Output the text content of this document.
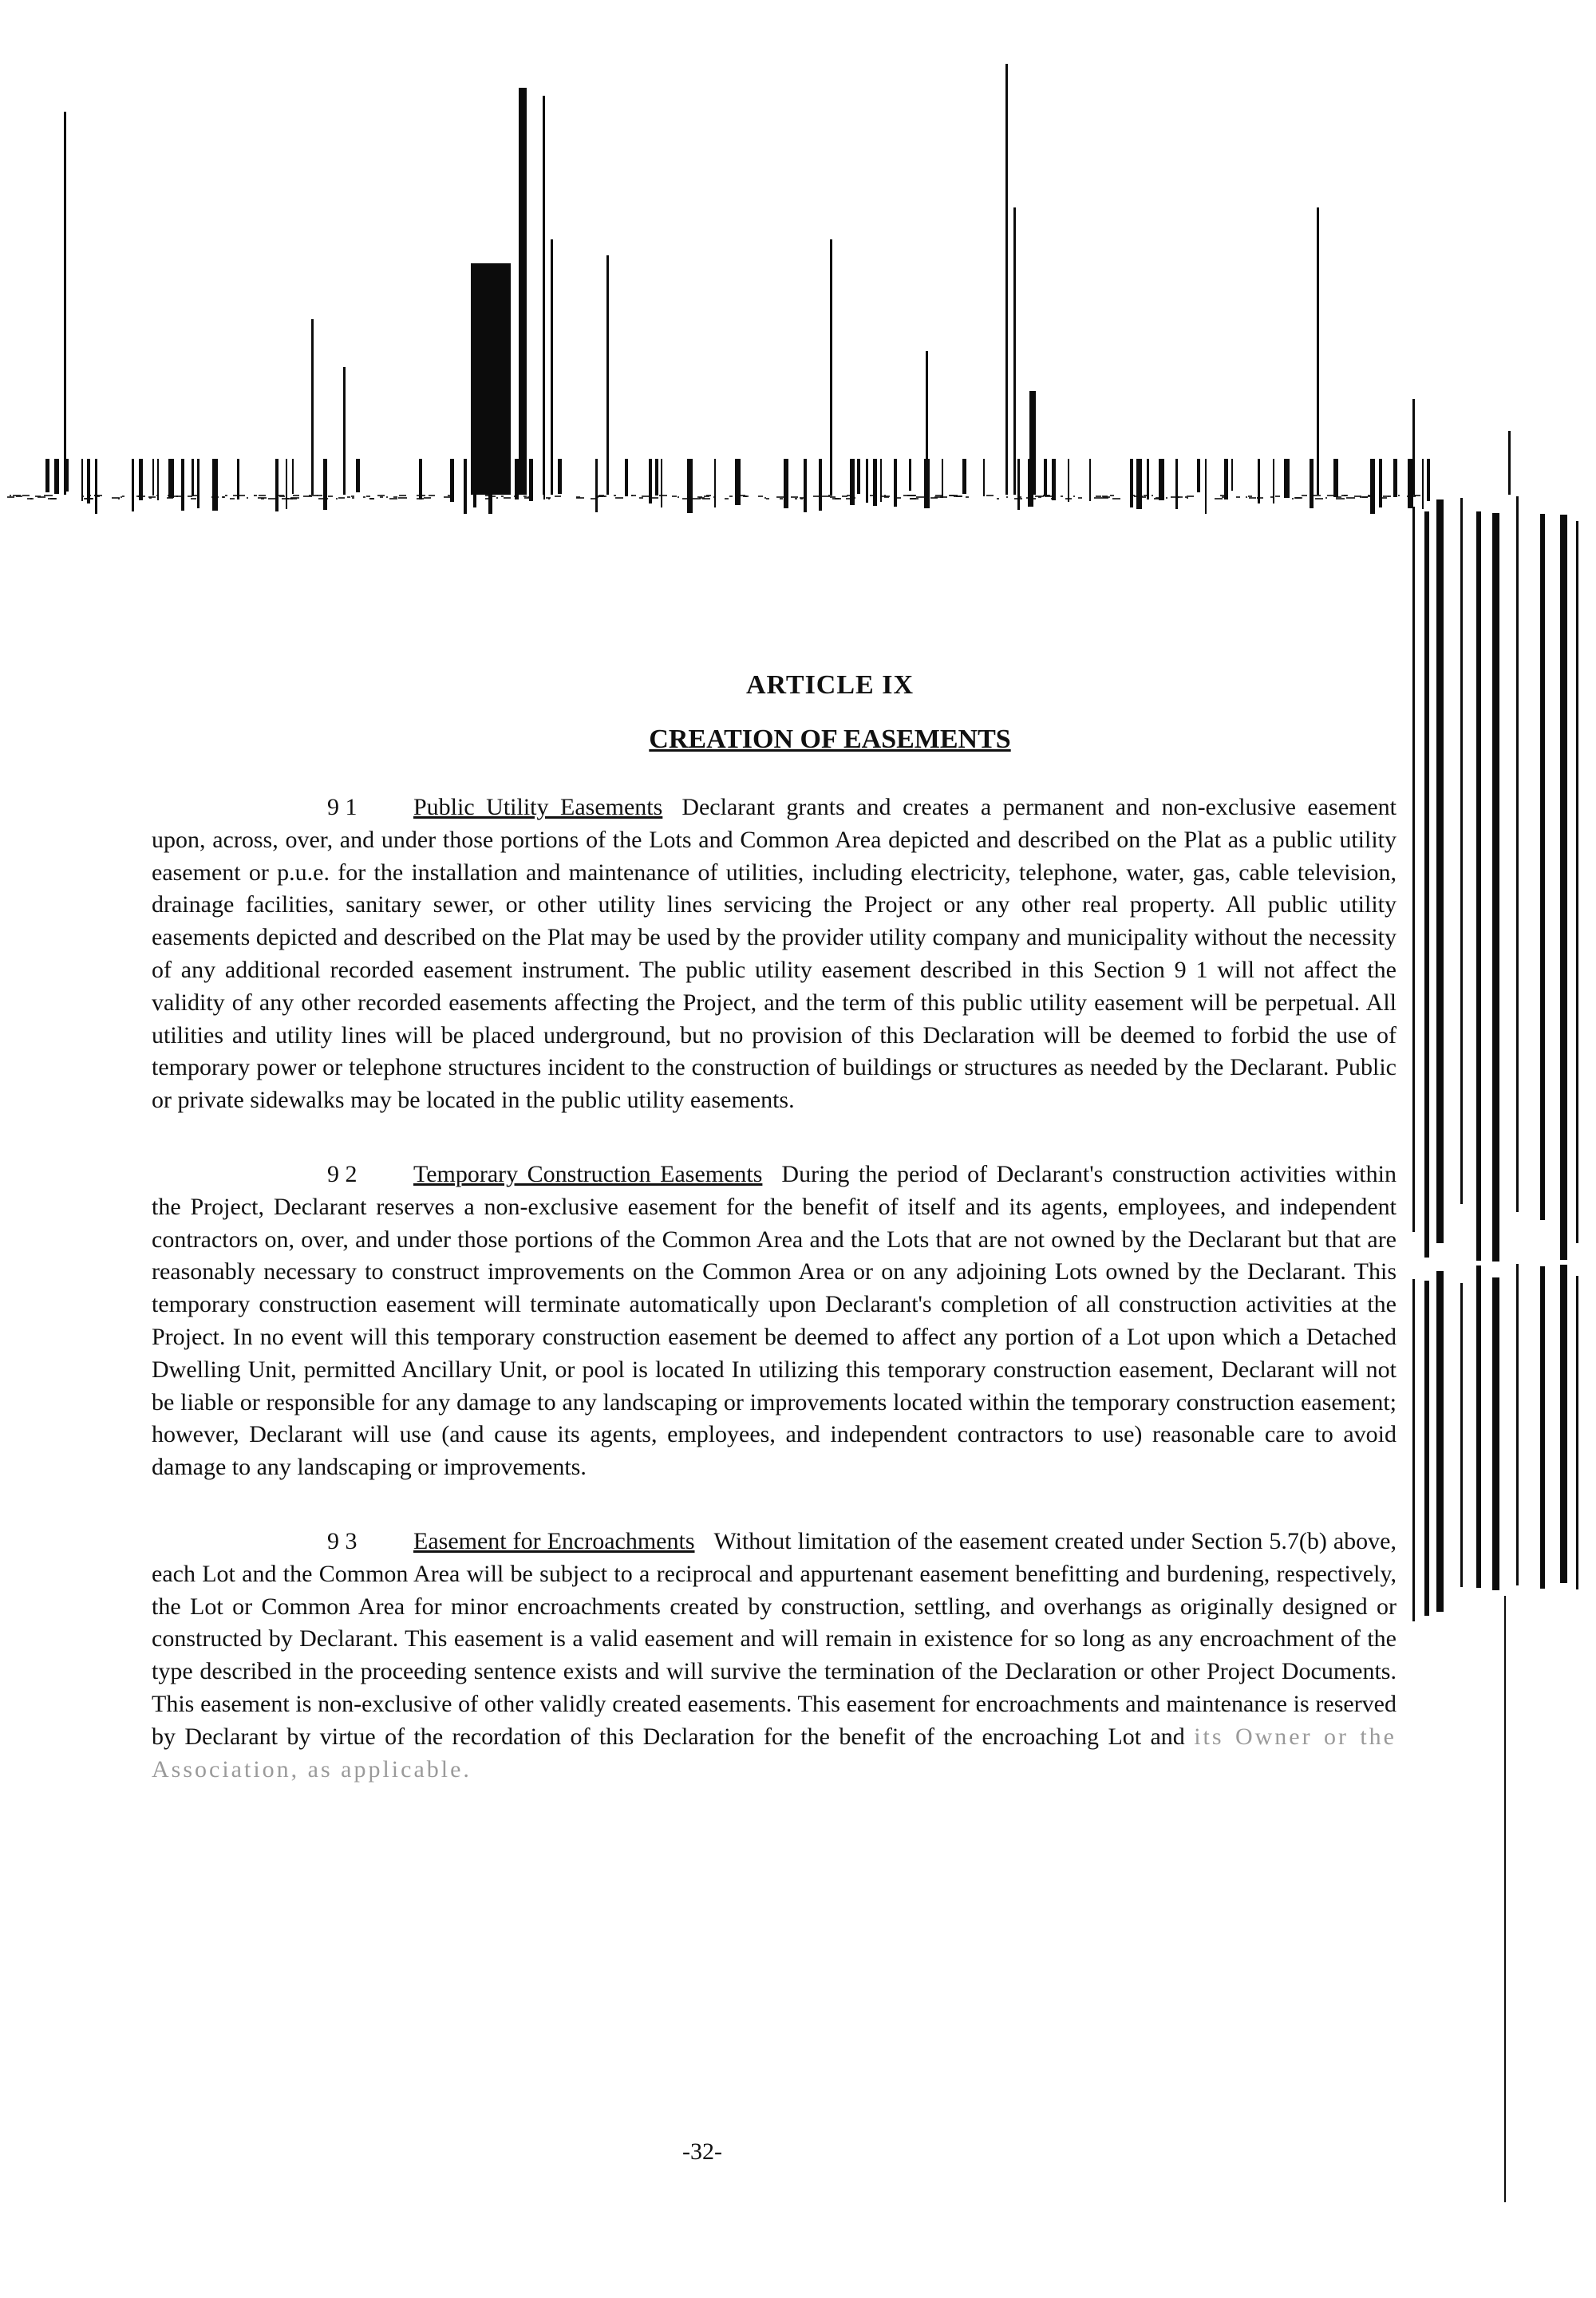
ARTICLE IX
CREATION OF EASEMENTS

9 1 Public Utility Easements Declarant grants and creates a permanent and non-exclusive easement upon, across, over, and under those portions of the Lots and Common Area depicted and described on the Plat as a public utility easement or p.u.e. for the installation and maintenance of utilities, including electricity, telephone, water, gas, cable television, drainage facilities, sanitary sewer, or other utility lines servicing the Project or any other real property. All public utility easements depicted and described on the Plat may be used by the provider utility company and municipality without the necessity of any additional recorded easement instrument. The public utility easement described in this Section 9 1 will not affect the validity of any other recorded easements affecting the Project, and the term of this public utility easement will be perpetual. All utilities and utility lines will be placed underground, but no provision of this Declaration will be deemed to forbid the use of temporary power or telephone structures incident to the construction of buildings or structures as needed by the Declarant. Public or private sidewalks may be located in the public utility easements.

9 2 Temporary Construction Easements During the period of Declarant's construction activities within the Project, Declarant reserves a non-exclusive easement for the benefit of itself and its agents, employees, and independent contractors on, over, and under those portions of the Common Area and the Lots that are not owned by the Declarant but that are reasonably necessary to construct improvements on the Common Area or on any adjoining Lots owned by the Declarant. This temporary construction easement will terminate automatically upon Declarant's completion of all construction activities at the Project. In no event will this temporary construction easement be deemed to affect any portion of a Lot upon which a Detached Dwelling Unit, permitted Ancillary Unit, or pool is located In utilizing this temporary construction easement, Declarant will not be liable or responsible for any damage to any landscaping or improvements located within the temporary construction easement; however, Declarant will use (and cause its agents, employees, and independent contractors to use) reasonable care to avoid damage to any landscaping or improvements.

9 3 Easement for Encroachments Without limitation of the easement created under Section 5.7(b) above, each Lot and the Common Area will be subject to a reciprocal and appurtenant easement benefitting and burdening, respectively, the Lot or Common Area for minor encroachments created by construction, settling, and overhangs as originally designed or constructed by Declarant. This easement is a valid easement and will remain in existence for so long as any encroachment of the type described in the proceeding sentence exists and will survive the termination of the Declaration or other Project Documents. This easement is non-exclusive of other validly created easements. This easement for encroachments and maintenance is reserved by Declarant by virtue of the recordation of this Declaration for the benefit of the encroaching Lot and its Owner or the Association, as applicable.

-32-
